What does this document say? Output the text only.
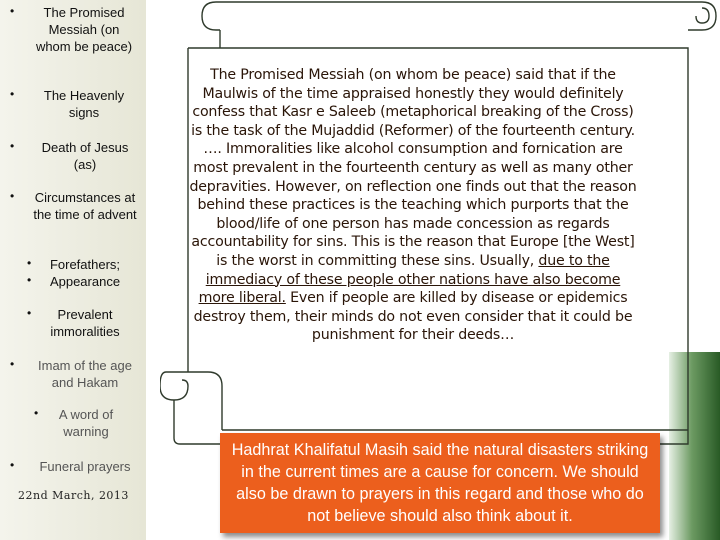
•	The Promised Messiah (on whom be peace)
•	The Heavenly signs
•	Death of Jesus (as)
•	Circumstances at the time of advent
•
•
Forefathers; Appearance
•	Prevalent immoralities
•	Imam of the age and Hakam
•	A word of warning
•	Funeral prayers
22nd March, 2013
The Promised Messiah (on whom be peace) said that if the Maulwis of the time appraised honestly they would definitely confess that Kasr e Saleeb (metaphorical breaking of the Cross) is the task of the Mujaddid (Reformer) of the fourteenth century. …. Immoralities like alcohol consumption and fornication are most prevalent in the fourteenth century as well as many other depravities. However, on reflection one finds out that the reason behind these practices is the teaching which purports that the blood/life of one person has made concession as regards accountability for sins. This is the reason that Europe [the West] is the worst in committing these sins. Usually, due to the immediacy of these people other nations have also become more liberal. Even if people are killed by disease or epidemics destroy them, their minds do not even consider that it could be punishment for their deeds…
Hadhrat Khalifatul Masih said the natural disasters striking in the current times are a cause for concern. We should also be drawn to prayers in this regard and those who do not believe should also think about it.
